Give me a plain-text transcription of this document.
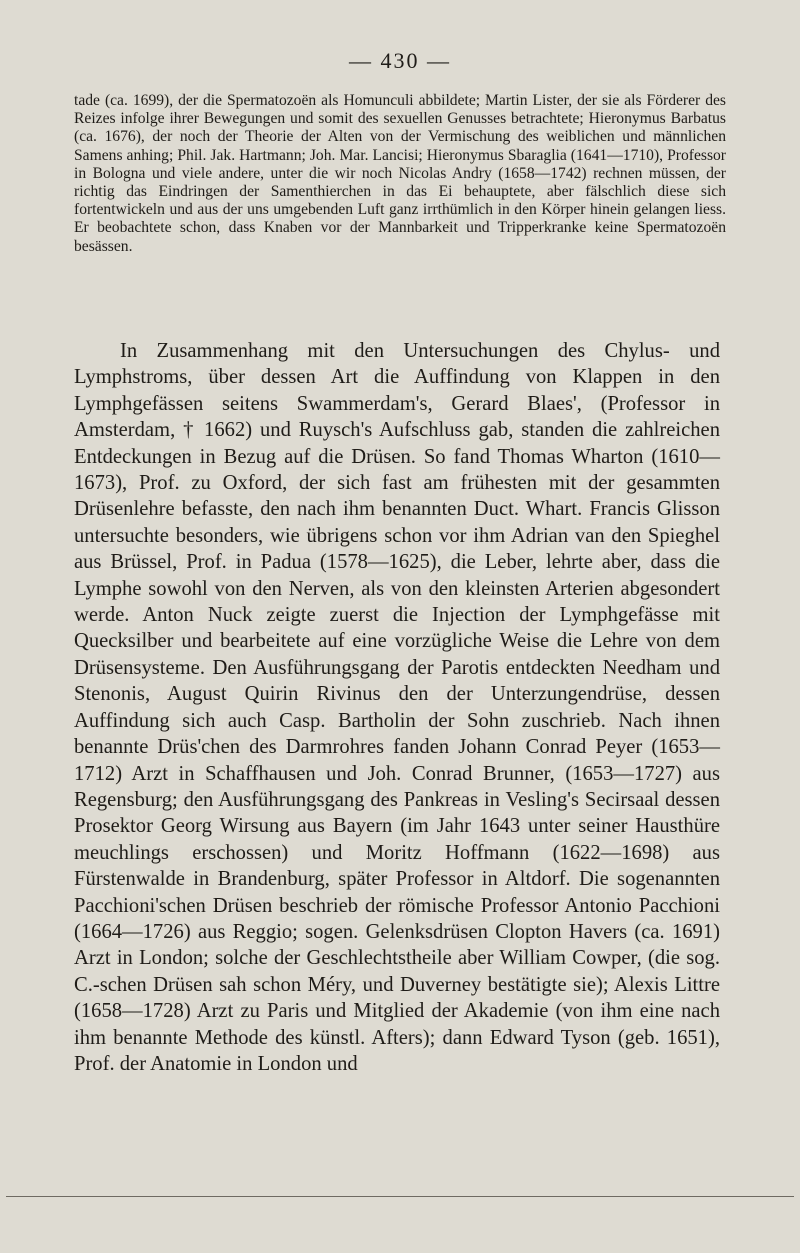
— 430 —

tade (ca. 1699), der die Spermatozoën als Homunculi abbildete; Martin Lister, der sie als Förderer des Reizes infolge ihrer Bewegungen und somit des sexuellen Genusses betrachtete; Hieronymus Barbatus (ca. 1676), der noch der Theorie der Alten von der Vermischung des weiblichen und männlichen Samens anhing; Phil. Jak. Hartmann; Joh. Mar. Lancisi; Hieronymus Sbaraglia (1641—1710), Professor in Bologna und viele andere, unter die wir noch Nicolas Andry (1658—1742) rechnen müssen, der richtig das Eindringen der Samenthierchen in das Ei behauptete, aber fälschlich diese sich fortentwickeln und aus der uns umgebenden Luft ganz irrthümlich in den Körper hinein gelangen liess. Er beobachtete schon, dass Knaben vor der Mannbarkeit und Tripperkranke keine Spermatozoën besässen.

In Zusammenhang mit den Untersuchungen des Chylus- und Lymphstroms, über dessen Art die Auffindung von Klappen in den Lymphgefässen seitens Swammerdam's, Gerard Blaes', (Professor in Amsterdam, † 1662) und Ruysch's Aufschluss gab, standen die zahlreichen Entdeckungen in Bezug auf die Drüsen. So fand Thomas Wharton (1610—1673), Prof. zu Oxford, der sich fast am frühesten mit der gesammten Drüsenlehre befasste, den nach ihm benannten Duct. Whart. Francis Glisson untersuchte besonders, wie übrigens schon vor ihm Adrian van den Spieghel aus Brüssel, Prof. in Padua (1578—1625), die Leber, lehrte aber, dass die Lymphe sowohl von den Nerven, als von den kleinsten Arterien abgesondert werde. Anton Nuck zeigte zuerst die Injection der Lymphgefässe mit Quecksilber und bearbeitete auf eine vorzügliche Weise die Lehre von dem Drüsensysteme. Den Ausführungsgang der Parotis entdeckten Needham und Stenonis, August Quirin Rivinus den der Unterzungendrüse, dessen Auffindung sich auch Casp. Bartholin der Sohn zuschrieb. Nach ihnen benannte Drüs'chen des Darmrohres fanden Johann Conrad Peyer (1653—1712) Arzt in Schaffhausen und Joh. Conrad Brunner, (1653—1727) aus Regensburg; den Ausführungsgang des Pankreas in Vesling's Secirsaal dessen Prosektor Georg Wirsung aus Bayern (im Jahr 1643 unter seiner Hausthüre meuchlings erschossen) und Moritz Hoffmann (1622—1698) aus Fürstenwalde in Brandenburg, später Professor in Altdorf. Die sogenannten Pacchioni'schen Drüsen beschrieb der römische Professor Antonio Pacchioni (1664—1726) aus Reggio; sogen. Gelenksdrüsen Clopton Havers (ca. 1691) Arzt in London; solche der Geschlechtstheile aber William Cowper, (die sog. C.-schen Drüsen sah schon Méry, und Duverney bestätigte sie); Alexis Littre (1658—1728) Arzt zu Paris und Mitglied der Akademie (von ihm eine nach ihm benannte Methode des künstl. Afters); dann Edward Tyson (geb. 1651), Prof. der Anatomie in London und
